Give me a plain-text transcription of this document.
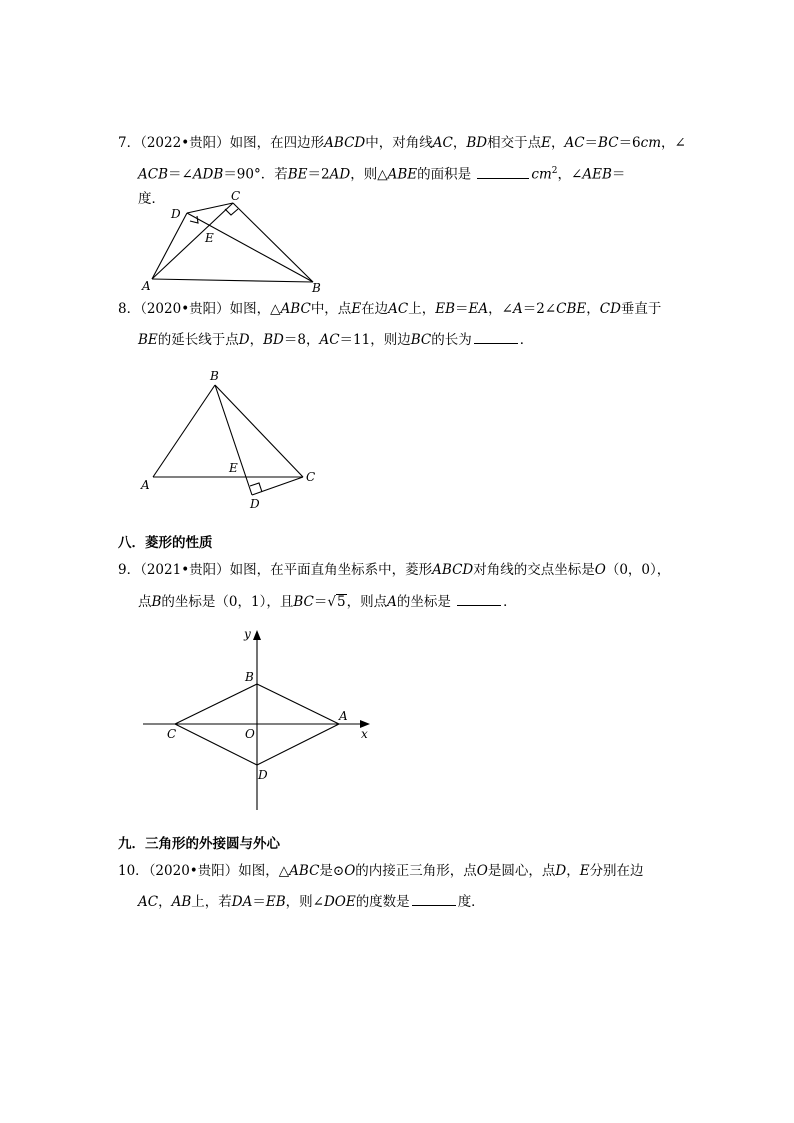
7．（2022•贵阳）如图，在四边形ABCD中，对角线AC，BD相交于点E，AC＝BC＝6cm，∠
ACB＝∠ADB＝90°．若BE＝2AD，则△ABE的面积是	$cm^2$，∠AEB＝
度．
A	B
C
D
E
8．（2020•贵阳）如图，△ABC中，点E在边AC上，EB＝EA，∠A＝2∠CBE，CD垂直于
BE的延长线于点D，BD＝8，AC＝11，则边BC的长为	．
A
B
C
D
E
八．菱形的性质
9．（2021•贵阳）如图，在平面直角坐标系中，菱形ABCD对角线的交点坐标是O（0，0），
点B的坐标是（0，1），且BC＝√5，则点A的坐标是	．
x
y
B
A
C	O
D
九．三角形的外接圆与外心
10．（2020•贵阳）如图，△ABC是⊙O的内接正三角形，点O是圆心，点D，E分别在边
AC，AB上，若DA＝EB，则∠DOE的度数是	度．
